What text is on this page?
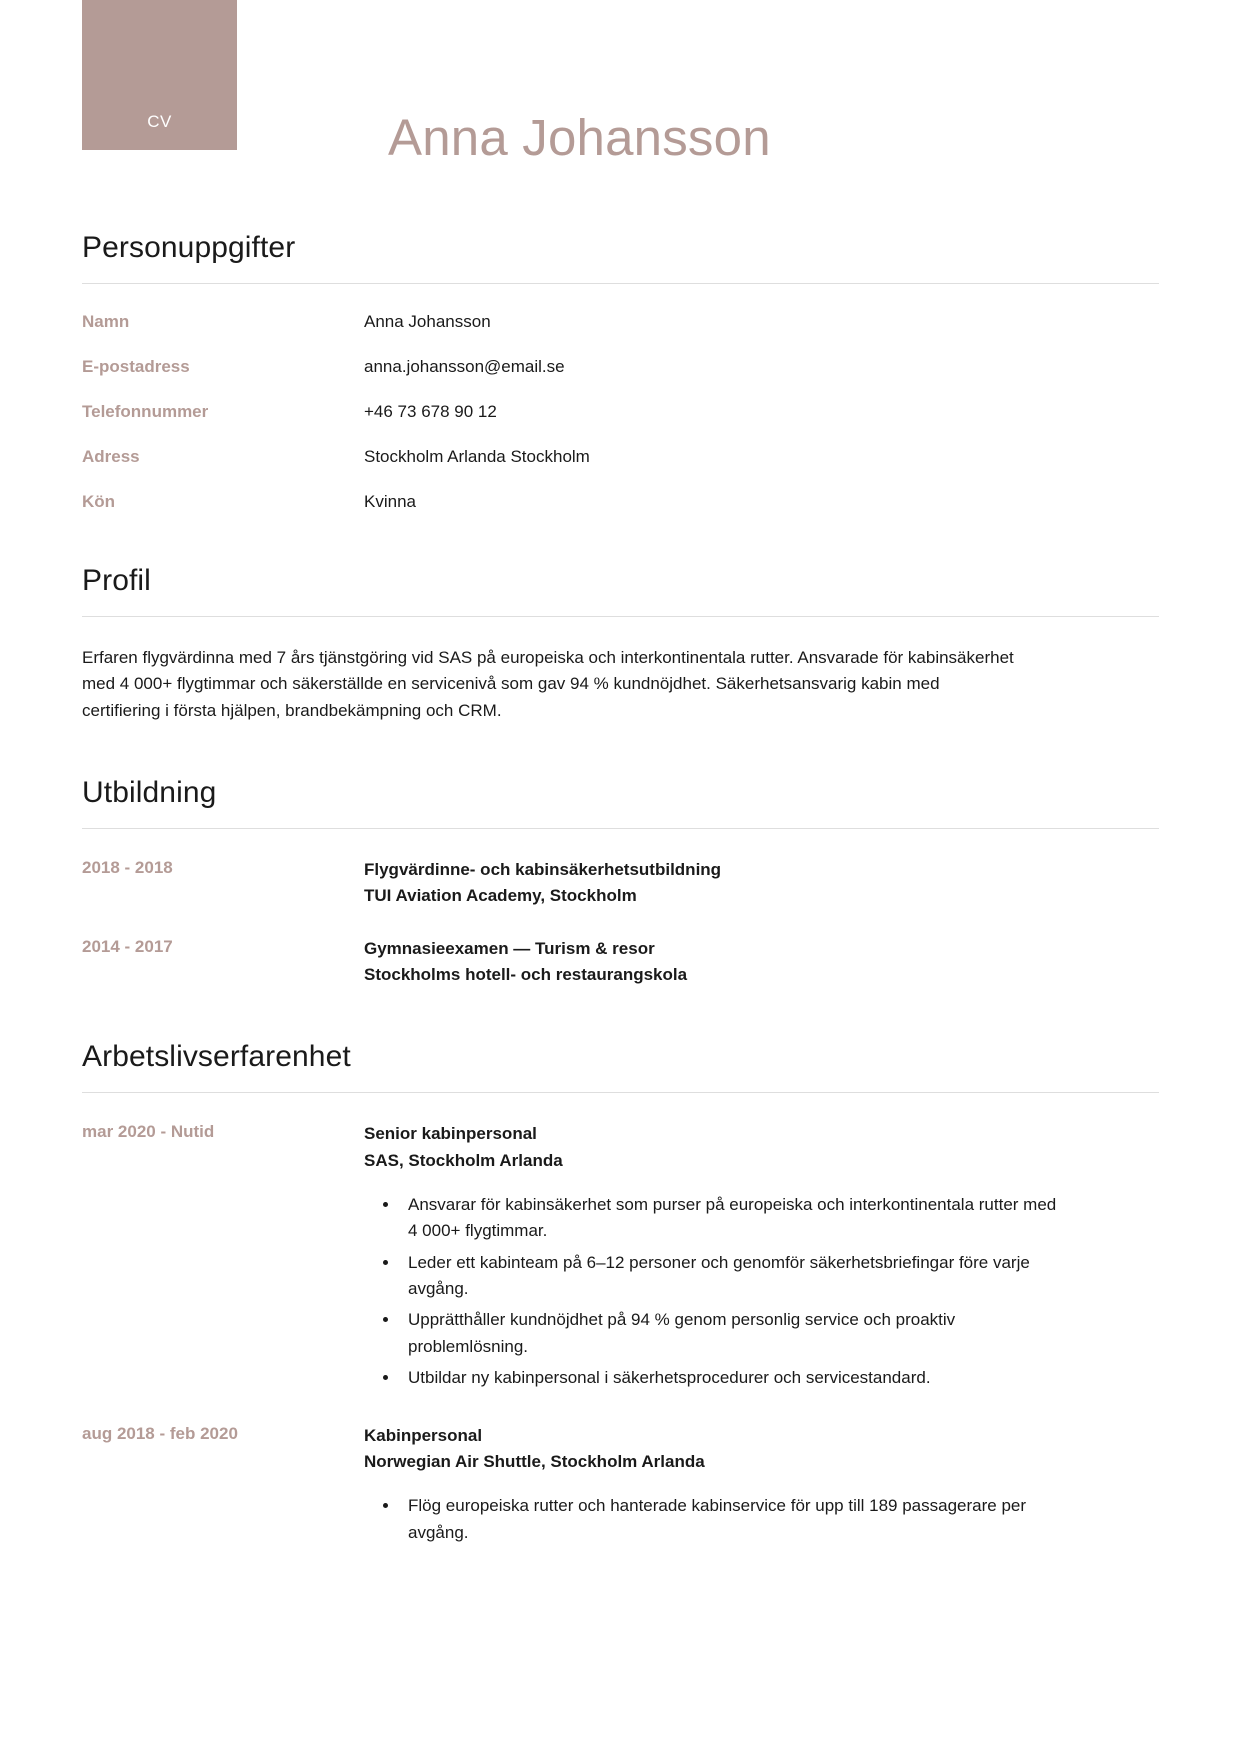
CV	Anna Johansson
Personuppgifter
Namn	Anna Johansson
E-postadress	anna.johansson@email.se
Telefonnummer	+46 73 678 90 12
Adress	Stockholm Arlanda Stockholm
Kön	Kvinna
Profil

Erfaren flygvärdinna med 7 års tjänstgöring vid SAS på europeiska och interkontinentala rutter. Ansvarade för kabinsäkerhet med 4 000+ flygtimmar och säkerställde en servicenivå som gav 94 % kundnöjdhet. Säkerhetsansvarig kabin med certifiering i första hjälpen, brandbekämpning och CRM.

Utbildning
2018 - 2018	Flygvärdinne- och kabinsäkerhetsutbildning
TUI Aviation Academy, Stockholm
2014 - 2017	Gymnasieexamen — Turism & resor
Stockholms hotell- och restaurangskola
Arbetslivserfarenhet
mar 2020 - Nutid	Senior kabinpersonal
SAS, Stockholm Arlanda
• Ansvarar för kabinsäkerhet som purser på europeiska och interkontinentala rutter med 4 000+ flygtimmar.
• Leder ett kabinteam på 6–12 personer och genomför säkerhetsbriefingar före varje avgång.
• Upprätthåller kundnöjdhet på 94 % genom personlig service och proaktiv problemlösning.
• Utbildar ny kabinpersonal i säkerhetsprocedurer och servicestandard.
aug 2018 - feb 2020	Kabinpersonal
Norwegian Air Shuttle, Stockholm Arlanda
• Flög europeiska rutter och hanterade kabinservice för upp till 189 passagerare per avgång.
